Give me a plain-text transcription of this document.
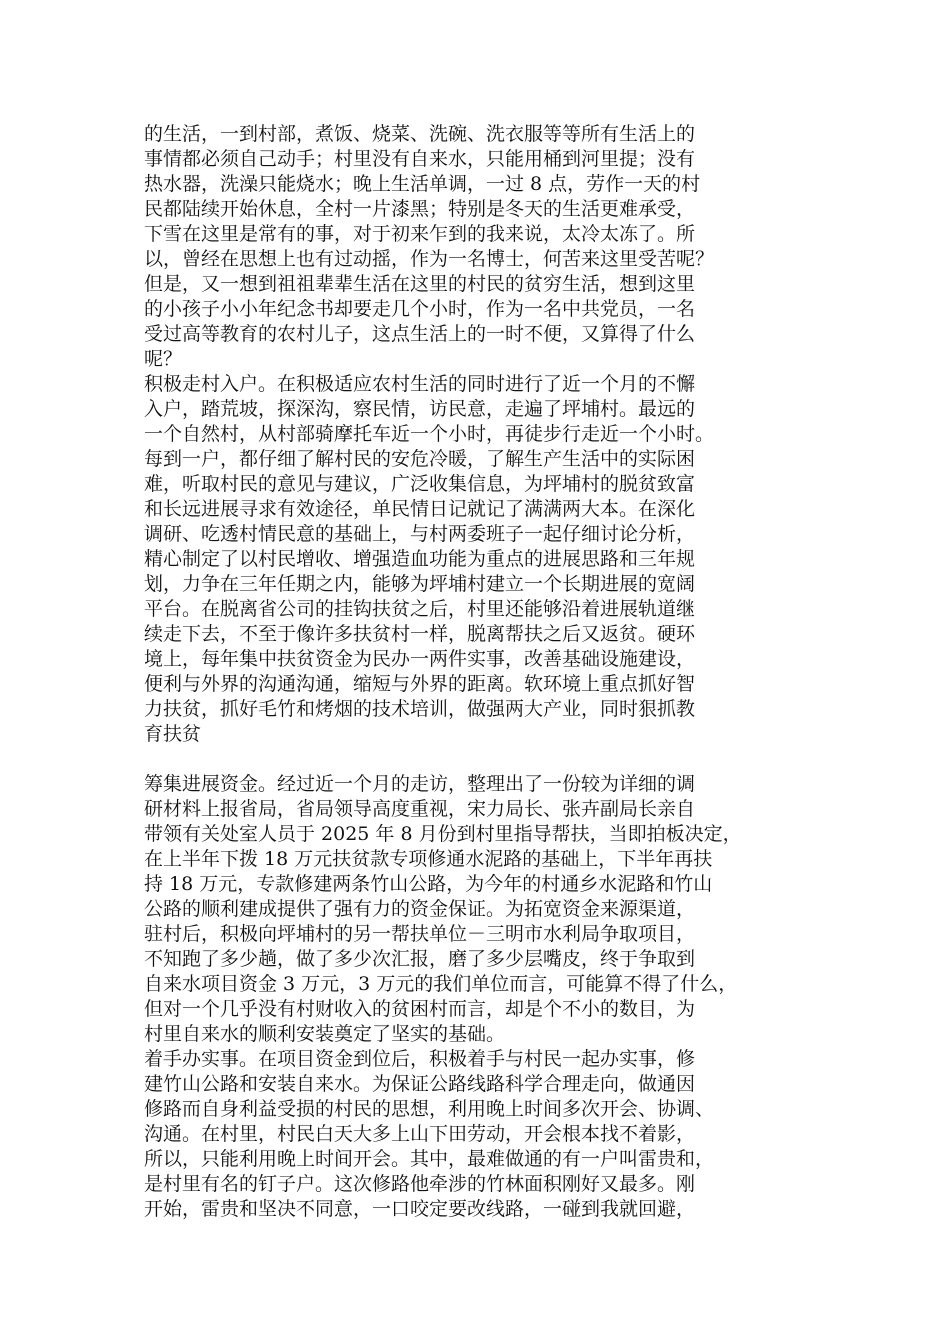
的生活，一到村部，煮饭、烧菜、洗碗、洗衣服等等所有生活上的
事情都必须自己动手；村里没有自来水，只能用桶到河里提；没有
热水器，洗澡只能烧水；晚上生活单调，一过 8 点，劳作一天的村
民都陆续开始休息，全村一片漆黑；特别是冬天的生活更难承受，
下雪在这里是常有的事，对于初来乍到的我来说，太冷太冻了。所
以，曾经在思想上也有过动摇，作为一名博士，何苦来这里受苦呢？
但是，又一想到祖祖辈辈生活在这里的村民的贫穷生活，想到这里
的小孩子小小年纪念书却要走几个小时，作为一名中共党员，一名
受过高等教育的农村儿子，这点生活上的一时不便，又算得了什么
呢？
积极走村入户。在积极适应农村生活的同时进行了近一个月的不懈
入户，踏荒坡，探深沟，察民情，访民意，走遍了坪埔村。最远的
一个自然村，从村部骑摩托车近一个小时，再徒步行走近一个小时。
每到一户，都仔细了解村民的安危冷暖，了解生产生活中的实际困
难，听取村民的意见与建议，广泛收集信息，为坪埔村的脱贫致富
和长远进展寻求有效途径，单民情日记就记了满满两大本。在深化
调研、吃透村情民意的基础上，与村两委班子一起仔细讨论分析，
精心制定了以村民增收、增强造血功能为重点的进展思路和三年规
划，力争在三年任期之内，能够为坪埔村建立一个长期进展的宽阔
平台。在脱离省公司的挂钩扶贫之后，村里还能够沿着进展轨道继
续走下去，不至于像许多扶贫村一样，脱离帮扶之后又返贫。硬环
境上，每年集中扶贫资金为民办一两件实事，改善基础设施建设，
便利与外界的沟通沟通，缩短与外界的距离。软环境上重点抓好智
力扶贫，抓好毛竹和烤烟的技术培训，做强两大产业，同时狠抓教
育扶贫
筹集进展资金。经过近一个月的走访，整理出了一份较为详细的调
研材料上报省局，省局领导高度重视，宋力局长、张卉副局长亲自
带领有关处室人员于 2025 年 8 月份到村里指导帮扶，当即拍板决定，
在上半年下拨 18 万元扶贫款专项修通水泥路的基础上，下半年再扶
持 18 万元，专款修建两条竹山公路，为今年的村通乡水泥路和竹山
公路的顺利建成提供了强有力的资金保证。为拓宽资金来源渠道，
驻村后，积极向坪埔村的另一帮扶单位－三明市水利局争取项目，
不知跑了多少趟，做了多少次汇报，磨了多少层嘴皮，终于争取到
自来水项目资金 3 万元，3 万元的我们单位而言，可能算不得了什么，
但对一个几乎没有村财收入的贫困村而言，却是个不小的数目，为
村里自来水的顺利安装奠定了坚实的基础。
着手办实事。在项目资金到位后，积极着手与村民一起办实事，修
建竹山公路和安装自来水。为保证公路线路科学合理走向，做通因
修路而自身利益受损的村民的思想，利用晚上时间多次开会、协调、
沟通。在村里，村民白天大多上山下田劳动，开会根本找不着影，
所以，只能利用晚上时间开会。其中，最难做通的有一户叫雷贵和，
是村里有名的钉子户。这次修路他牵涉的竹林面积刚好又最多。刚
开始，雷贵和坚决不同意，一口咬定要改线路，一碰到我就回避，
